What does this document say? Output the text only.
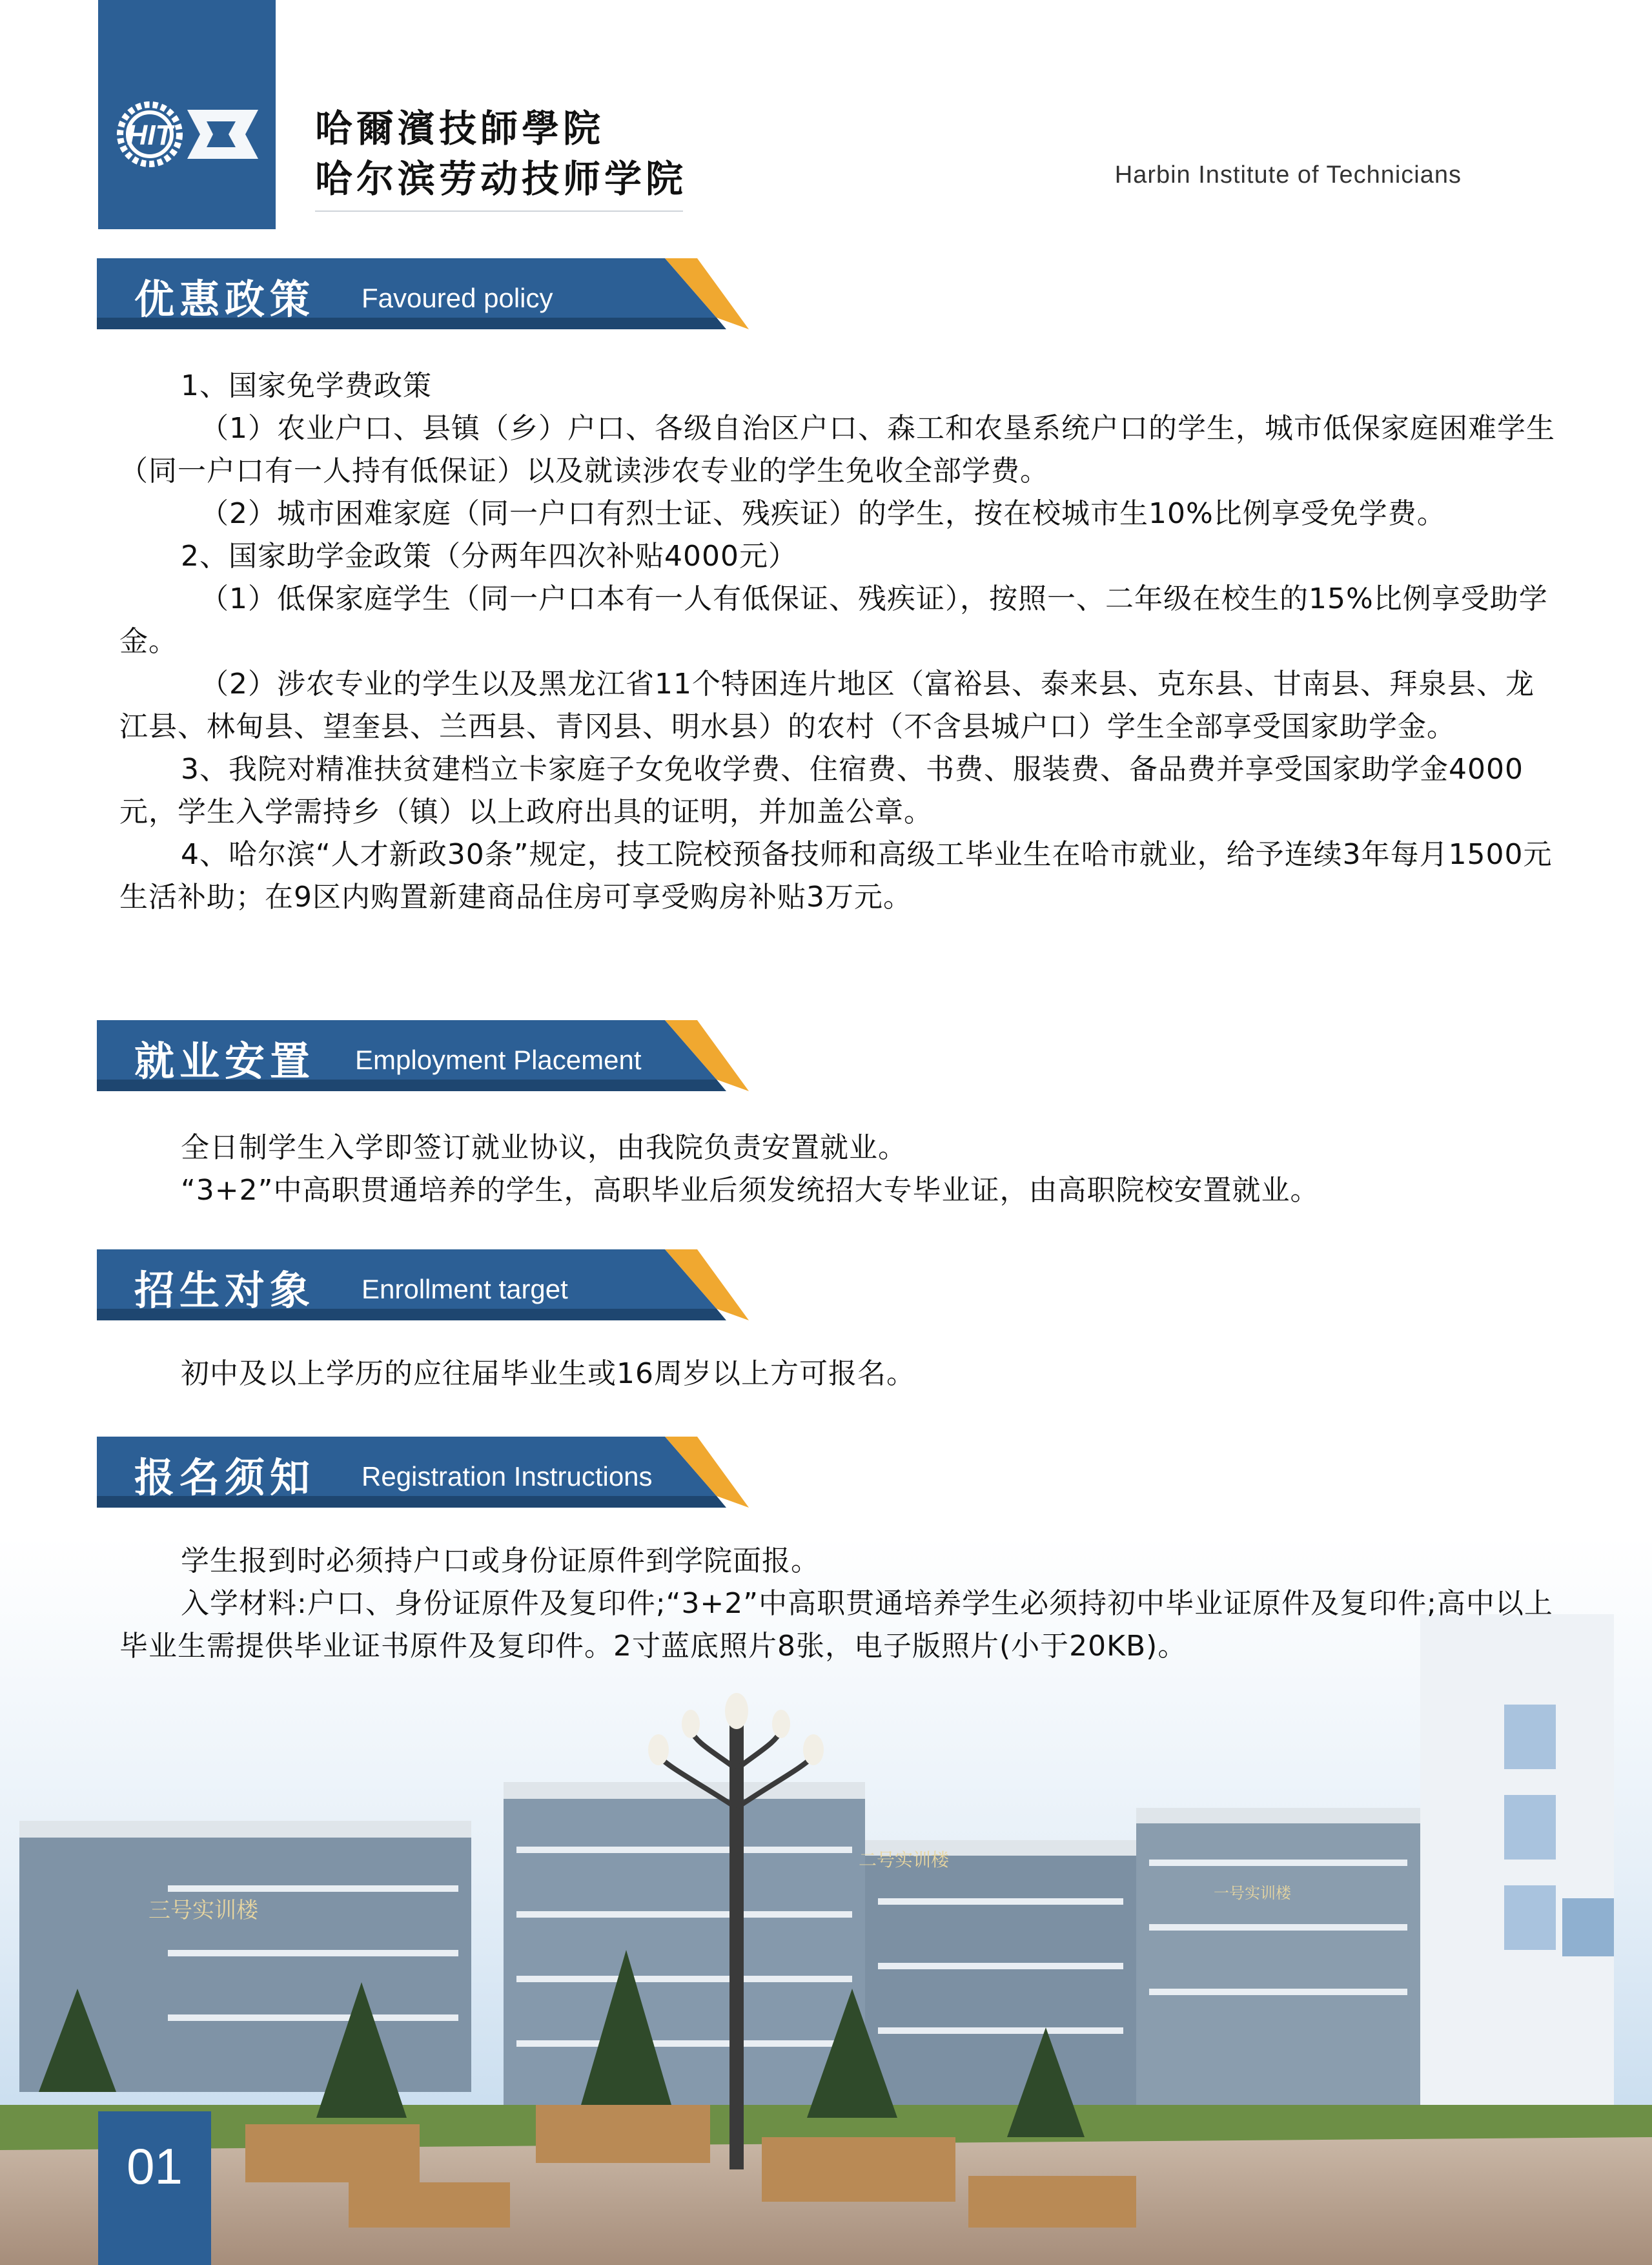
HIT	哈爾濱技師學院
哈尔滨劳动技师学院	Harbin Institute of Technicians
优惠政策 Favoured policy
1、国家免学费政策
（1）农业户口、县镇（乡）户口、各级自治区户口、森工和农垦系统户口的学生，城市低保家庭困难学生（同一户口有一人持有低保证）以及就读涉农专业的学生免收全部学费。
（2）城市困难家庭（同一户口有烈士证、残疾证）的学生，按在校城市生10%比例享受免学费。
2、国家助学金政策（分两年四次补贴4000元）
（1）低保家庭学生（同一户口本有一人有低保证、残疾证），按照一、二年级在校生的15%比例享受助学金。
（2）涉农专业的学生以及黑龙江省11个特困连片地区（富裕县、泰来县、克东县、甘南县、拜泉县、龙江县、林甸县、望奎县、兰西县、青冈县、明水县）的农村（不含县城户口）学生全部享受国家助学金。
3、我院对精准扶贫建档立卡家庭子女免收学费、住宿费、书费、服装费、备品费并享受国家助学金4000元，学生入学需持乡（镇）以上政府出具的证明，并加盖公章。
4、哈尔滨“人才新政30条”规定，技工院校预备技师和高级工毕业生在哈市就业，给予连续3年每月1500元生活补助；在9区内购置新建商品住房可享受购房补贴3万元。
就业安置 Employment Placement
全日制学生入学即签订就业协议，由我院负责安置就业。
“3+2”中高职贯通培养的学生，高职毕业后须发统招大专毕业证，由高职院校安置就业。
招生对象 Enrollment target
初中及以上学历的应往届毕业生或16周岁以上方可报名。
报名须知 Registration Instructions
三号实训楼
二号实训楼
一号实训楼
学生报到时必须持户口或身份证原件到学院面报。
入学材料:户口、身份证原件及复印件;“3+2”中高职贯通培养学生必须持初中毕业证原件及复印件;高中以上毕业生需提供毕业证书原件及复印件。2寸蓝底照片8张，电子版照片(小于20KB)。
01
